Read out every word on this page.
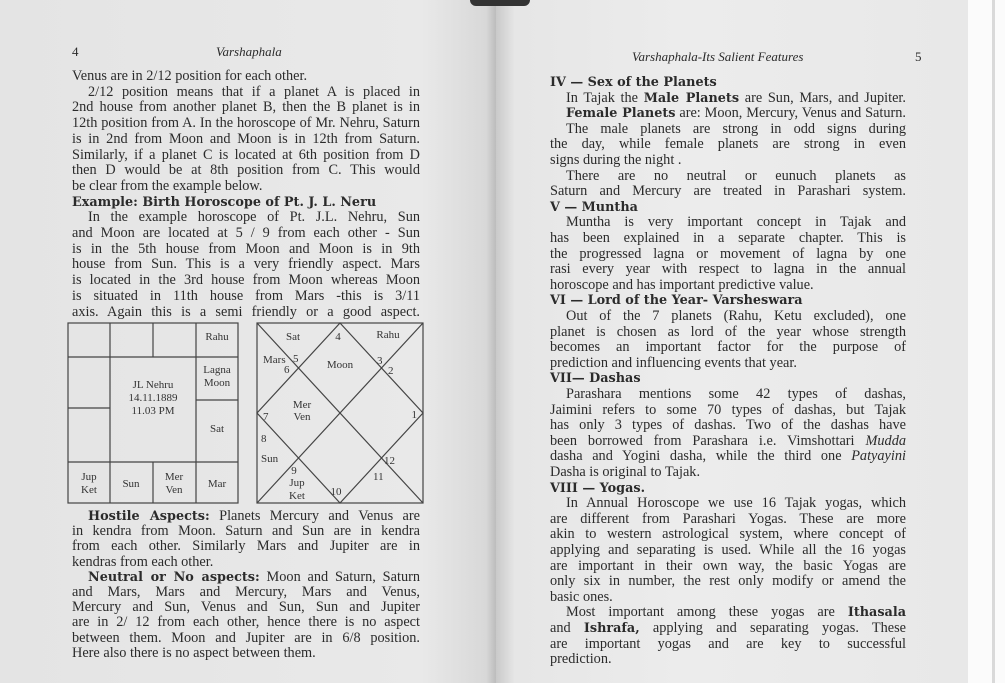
4	Varshaphala
Venus are in 2/12 position for each other.
2/12 position means that if a planet A is placed in
2nd house from another planet B, then the B planet is in
12th position from A. In the horoscope of Mr. Nehru, Saturn
is in 2nd from Moon and Moon is in 12th from Saturn.
Similarly, if a planet C is located at 6th position from D
then D would be at 8th position from C. This would
be clear from the example below.
Example: Birth Horoscope of Pt. J. L. Neru
In the example horoscope of Pt. J.L. Nehru, Sun
and Moon are located at 5 / 9 from each other - Sun
is in the 5th house from Moon and Moon is in 9th
house from Sun. This is a very friendly aspect. Mars
is located in the 3rd house from Moon whereas Moon
is situated in 11th house from Mars -this is 3/11
axis. Again this is a semi friendly or a good aspect.
Hostile Aspects: Planets Mercury and Venus are
in kendra from Moon. Saturn and Sun are in kendra
from each other. Similarly Mars and Jupiter are in
kendras from each other.
Neutral or No aspects: Moon and Saturn, Saturn
and Mars, Mars and Mercury, Mars and Venus,
Mercury and Sun, Venus and Sun, Sun and Jupiter
are in 2/ 12 from each other, hence there is no aspect
between them. Moon and Jupiter are in 6/8 position.
Here also there is no aspect between them.
JL Nehru
14.11.1889
11.03 PM
Rahu
Lagna
Moon
Sat
Jup
Ket Sun
Mer
Ven Mar
Sat	Rahu
Mars	Moon
Mer
Ven
Sun
Jup
Ket
1
2
3
4
5
6
7
8
9
10
11
12
Varshaphala-Its Salient Features	5
IV — Sex of the Planets
In Tajak the Male Planets are Sun, Mars, and Jupiter.
Female Planets are: Moon, Mercury, Venus and Saturn.
The male planets are strong in odd signs during
the day, while female planets are strong in even
signs during the night .
There are no neutral or eunuch planets as
Saturn and Mercury are treated in Parashari system.
V — Muntha
Muntha is very important concept in Tajak and
has been explained in a separate chapter. This is
the progressed lagna or movement of lagna by one
rasi every year with respect to lagna in the annual
horoscope and has important predictive value.
VI — Lord of the Year- Varsheswara
Out of the 7 planets (Rahu, Ketu excluded), one
planet is chosen as lord of the year whose strength
becomes an important factor for the purpose of
prediction and influencing events that year.
VII— Dashas
Parashara mentions some 42 types of dashas,
Jaimini refers to some 70 types of dashas, but Tajak
has only 3 types of dashas. Two of the dashas have
been borrowed from Parashara i.e. Vimshottari Mudda
dasha and Yogini dasha, while the third one Patyayini
Dasha is original to Tajak.
VIII — Yogas.
In Annual Horoscope we use 16 Tajak yogas, which
are different from Parashari Yogas. These are more
akin to western astrological system, where concept of
applying and separating is used. While all the 16 yogas
are important in their own way, the basic Yogas are
only six in number, the rest only modify or amend the
basic ones.
Most important among these yogas are Ithasala
and Ishrafa, applying and separating yogas. These
are important yogas and are key to successful
prediction.
